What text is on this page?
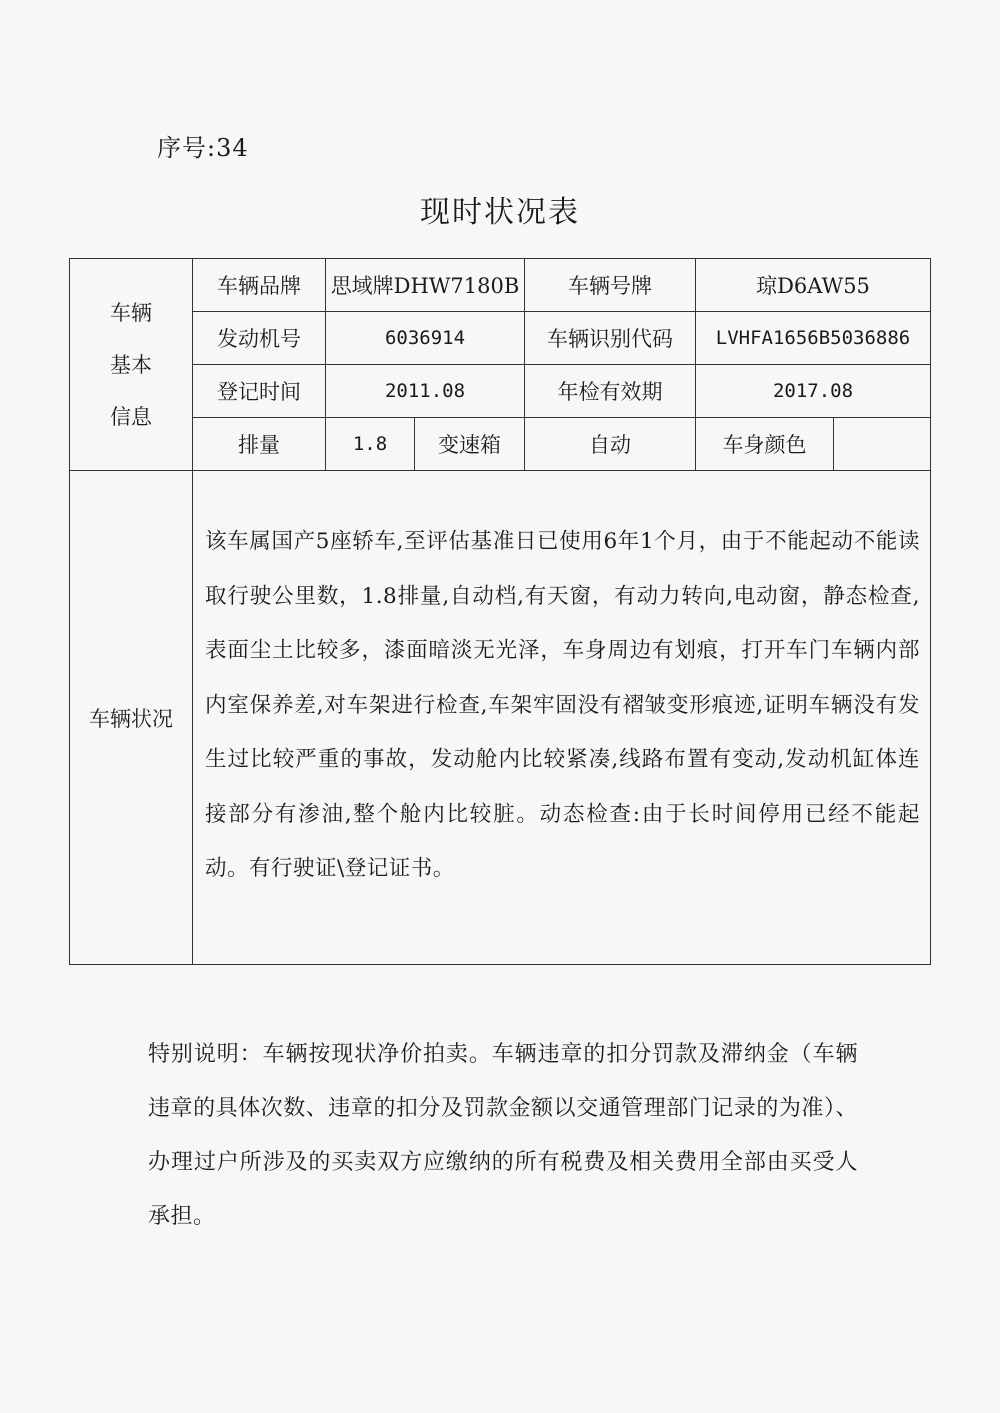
序号:34
现时状况表
车辆
基本
信息	车辆品牌	思域牌DHW7180B		车辆号牌	琼D6AW55	
	发动机号	6036914		车辆识别代码	LVHFA1656B5036886	
	登记时间	2011.08		年检有效期	2017.08	
	排量	1.8	变速箱	自动	车身颜色	
车辆状况	该车属国产5座轿车,至评估基准日已使用6年1个月，由于不能起动不能读取行驶公里数，1.8排量,自动档,有天窗，有动力转向,电动窗，静态检查,表面尘土比较多，漆面暗淡无光泽，车身周边有划痕，打开车门车辆内部内室保养差,对车架进行检查,车架牢固没有褶皱变形痕迹,证明车辆没有发生过比较严重的事故，发动舱内比较紧凑,线路布置有变动,发动机缸体连接部分有渗油,整个舱内比较脏。动态检查:由于长时间停用已经不能起动。有行驶证\登记证书。					
特别说明：车辆按现状净价拍卖。车辆违章的扣分罚款及滞纳金（车辆违章的具体次数、违章的扣分及罚款金额以交通管理部门记录的为准）、办理过户所涉及的买卖双方应缴纳的所有税费及相关费用全部由买受人承担。
